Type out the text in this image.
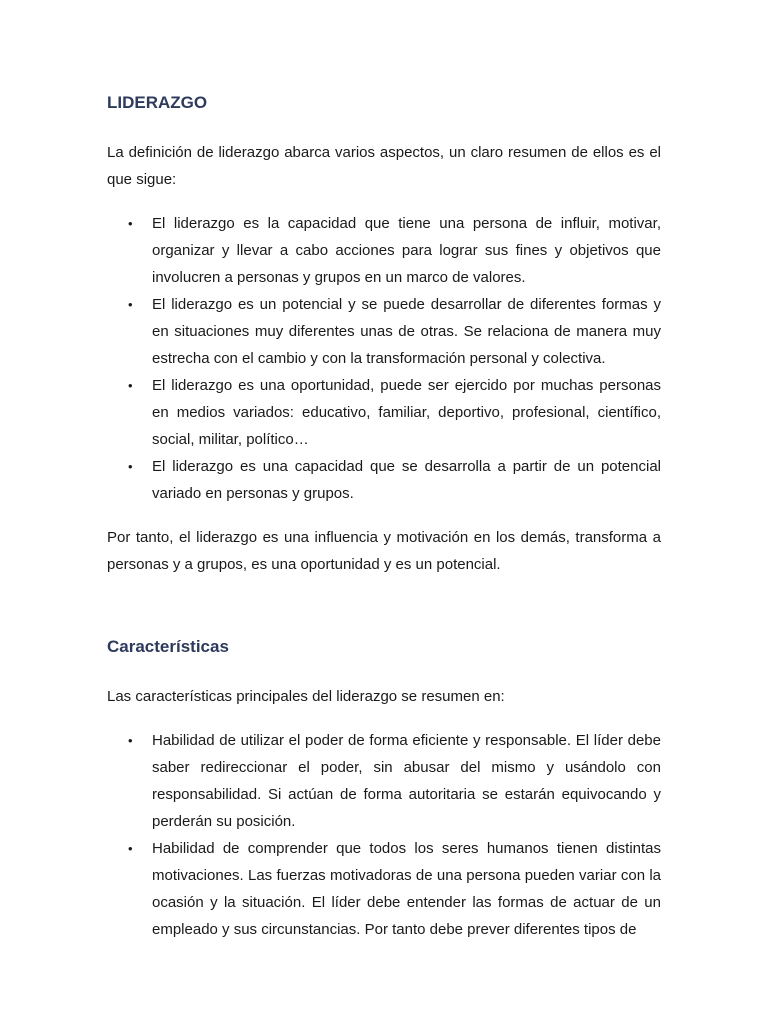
LIDERAZGO

La definición de liderazgo abarca varios aspectos, un claro resumen de ellos es el que sigue:

• El liderazgo es la capacidad que tiene una persona de influir, motivar, organizar y llevar a cabo acciones para lograr sus fines y objetivos que involucren a personas y grupos en un marco de valores.
• El liderazgo es un potencial y se puede desarrollar de diferentes formas y en situaciones muy diferentes unas de otras. Se relaciona de manera muy estrecha con el cambio y con la transformación personal y colectiva.
• El liderazgo es una oportunidad, puede ser ejercido por muchas personas en medios variados: educativo, familiar, deportivo, profesional, científico, social, militar, político…
• El liderazgo es una capacidad que se desarrolla a partir de un potencial variado en personas y grupos.

Por tanto, el liderazgo es una influencia y motivación en los demás, transforma a personas y a grupos, es una oportunidad y es un potencial.

Características

Las características principales del liderazgo se resumen en:

• Habilidad de utilizar el poder de forma eficiente y responsable. El líder debe saber redireccionar el poder, sin abusar del mismo y usándolo con responsabilidad. Si actúan de forma autoritaria se estarán equivocando y perderán su posición.
• Habilidad de comprender que todos los seres humanos tienen distintas motivaciones. Las fuerzas motivadoras de una persona pueden variar con la ocasión y la situación. El líder debe entender las formas de actuar de un empleado y sus circunstancias. Por tanto debe prever diferentes tipos de
